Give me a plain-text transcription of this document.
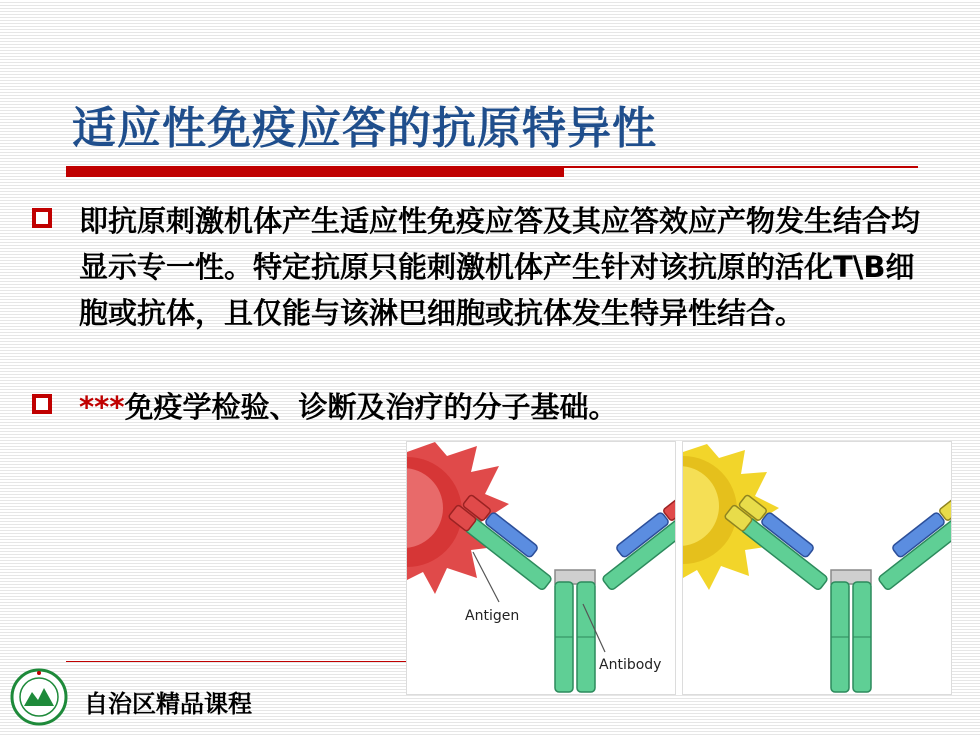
适应性免疫应答的抗原特异性
即抗原刺激机体产生适应性免疫应答及其应答效应产物发生结合均显示专一性。特定抗原只能刺激机体产生针对该抗原的活化T\B细胞或抗体，且仅能与该淋巴细胞或抗体发生特异性结合。
***免疫学检验、诊断及治疗的分子基础。
Antigen
Antibody
自治区精品课程
